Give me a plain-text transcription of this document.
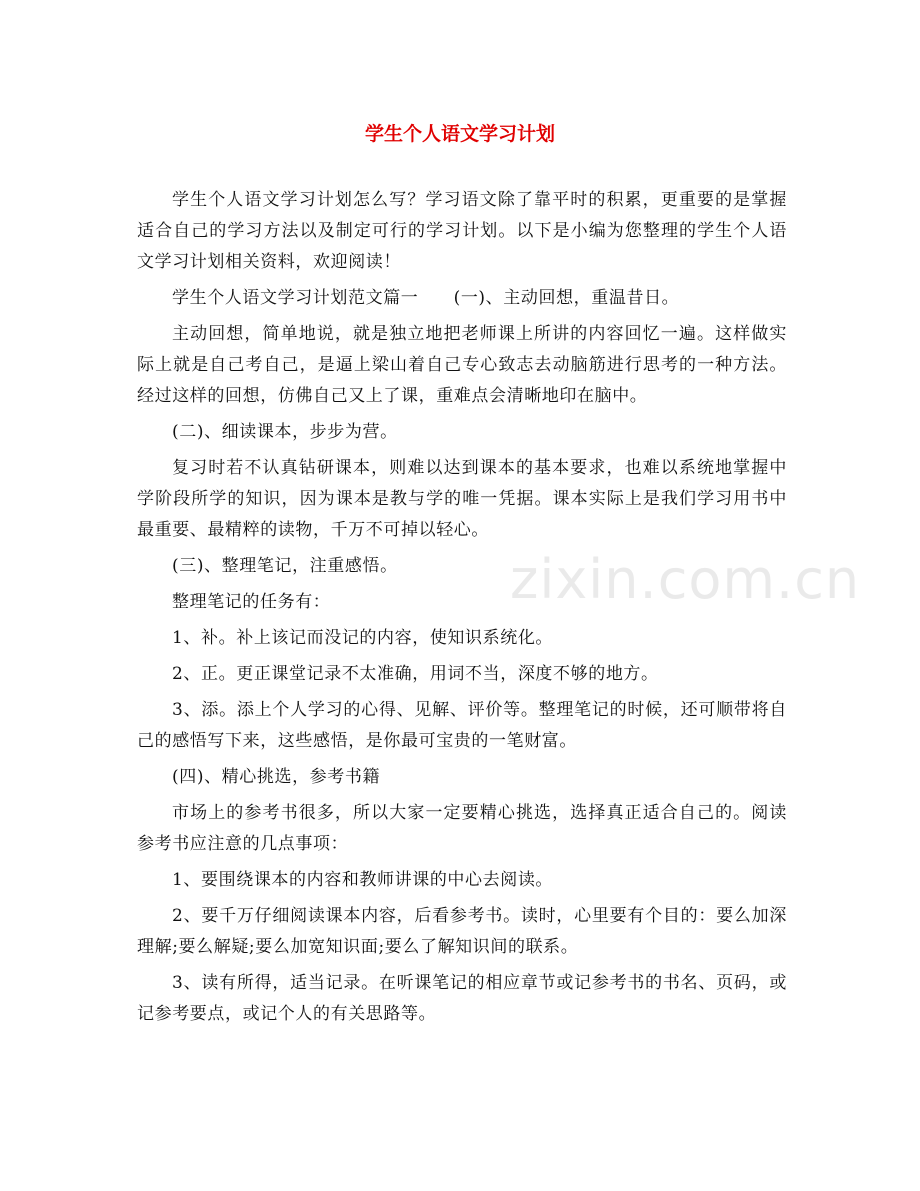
学生个人语文学习计划

学生个人语文学习计划怎么写？学习语文除了靠平时的积累，更重要的是掌握适合自己的学习方法以及制定可行的学习计划。以下是小编为您整理的学生个人语文学习计划相关资料，欢迎阅读！

学生个人语文学习计划范文篇一　　(一)、主动回想，重温昔日。

主动回想，简单地说，就是独立地把老师课上所讲的内容回忆一遍。这样做实际上就是自己考自己，是逼上梁山着自己专心致志去动脑筋进行思考的一种方法。经过这样的回想，仿佛自己又上了课，重难点会清晰地印在脑中。

(二)、细读课本，步步为营。

复习时若不认真钻研课本，则难以达到课本的基本要求，也难以系统地掌握中学阶段所学的知识，因为课本是教与学的唯一凭据。课本实际上是我们学习用书中最重要、最精粹的读物，千万不可掉以轻心。

(三)、整理笔记，注重感悟。

整理笔记的任务有：

1、补。补上该记而没记的内容，使知识系统化。

2、正。更正课堂记录不太准确，用词不当，深度不够的地方。

3、添。添上个人学习的心得、见解、评价等。整理笔记的时候，还可顺带将自己的感悟写下来，这些感悟，是你最可宝贵的一笔财富。

(四)、精心挑选，参考书籍

市场上的参考书很多，所以大家一定要精心挑选，选择真正适合自己的。阅读参考书应注意的几点事项：

1、要围绕课本的内容和教师讲课的中心去阅读。

2、要千万仔细阅读课本内容，后看参考书。读时，心里要有个目的：要么加深理解;要么解疑;要么加宽知识面;要么了解知识间的联系。

3、读有所得，适当记录。在听课笔记的相应章节或记参考书的书名、页码，或记参考要点，或记个人的有关思路等。

zixin.com.cn
